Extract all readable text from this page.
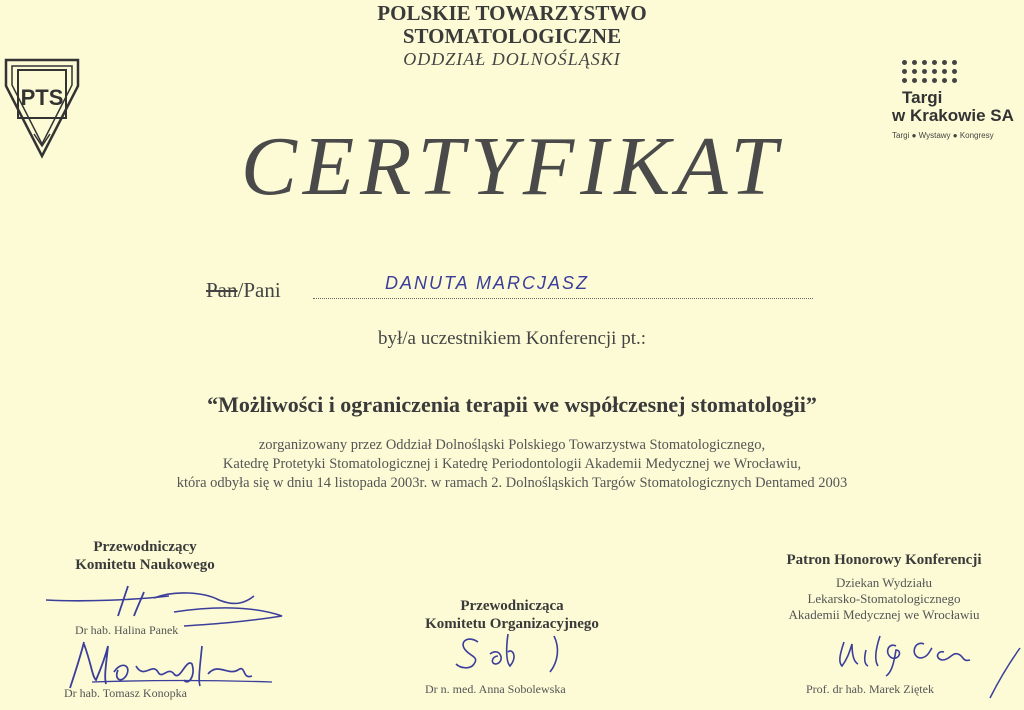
POLSKIE TOWARZYSTWO
STOMATOLOGICZNE
ODDZIAŁ DOLNOŚLĄSKI
PTS	Targi
w Krakowie SA
Targi ● Wystawy ● Kongresy
CERTYFIKAT
Pan/Pani	DANUTA MARCJASZ
był/a uczestnikiem Konferencji pt.:
“Możliwości i ograniczenia terapii we współczesnej stomatologii”
zorganizowany przez Oddział Dolnośląski Polskiego Towarzystwa Stomatologicznego,
Katedrę Protetyki Stomatologicznej i Katedrę Periodontologii Akademii Medycznej we Wrocławiu,
która odbyła się w dniu 14 listopada 2003r. w ramach 2. Dolnośląskich Targów Stomatologicznych Dentamed 2003
Przewodniczący
Komitetu Naukowego
Dr hab. Halina Panek
Dr hab. Tomasz Konopka
Przewodnicząca
Komitetu Organizacyjnego
Dr n. med. Anna Sobolewska
Patron Honorowy Konferencji
Dziekan Wydziału
Lekarsko-Stomatologicznego
Akademii Medycznej we Wrocławiu
Prof. dr hab. Marek Ziętek
